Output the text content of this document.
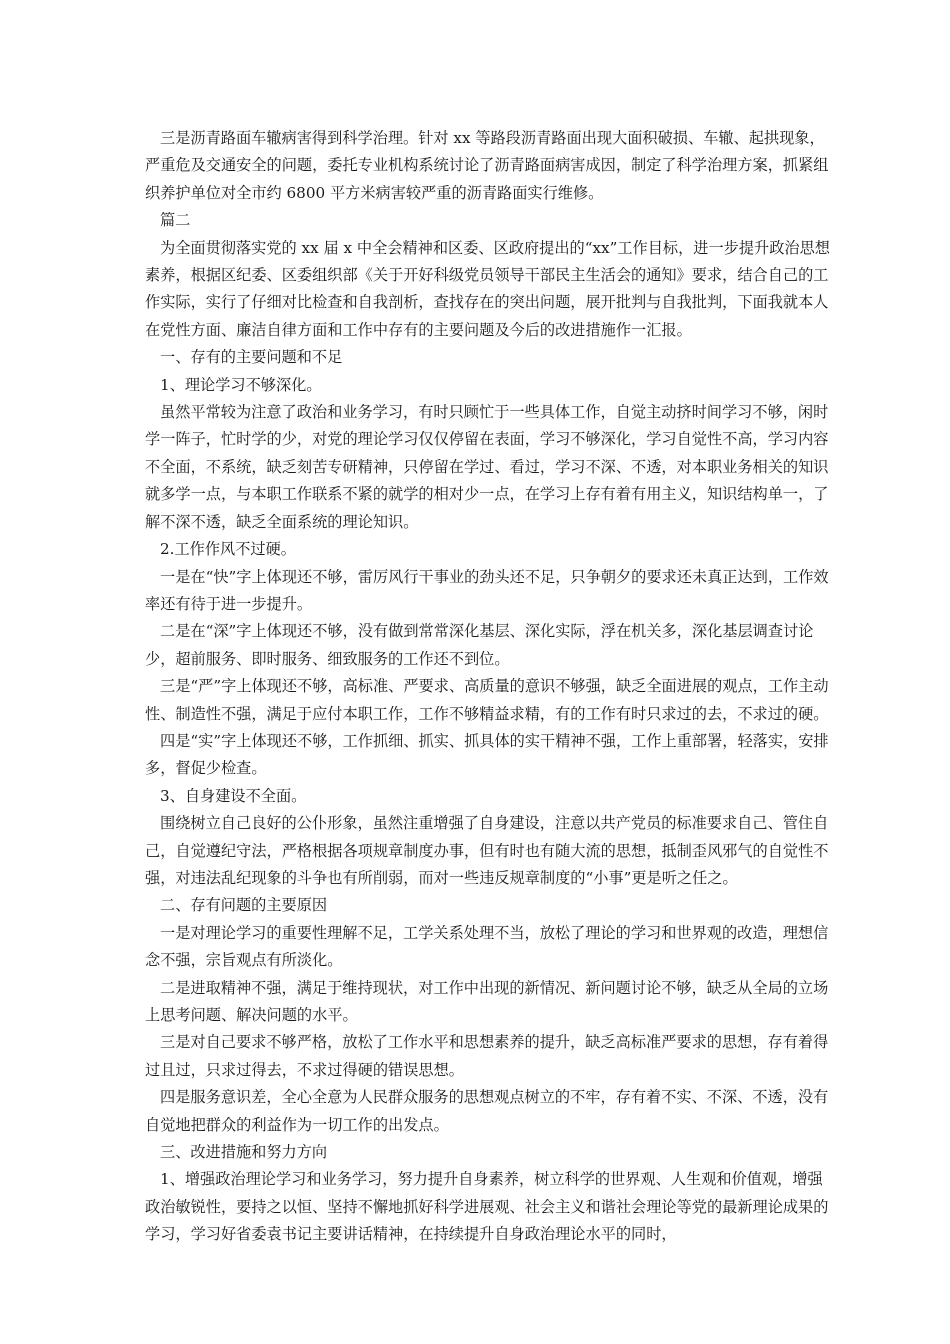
三是沥青路面车辙病害得到科学治理。针对 xx 等路段沥青路面出现大面积破损、车辙、起拱现象，严重危及交通安全的问题，委托专业机构系统讨论了沥青路面病害成因，制定了科学治理方案，抓紧组织养护单位对全市约 6800 平方米病害较严重的沥青路面实行维修。

篇二

为全面贯彻落实党的 xx 届 x 中全会精神和区委、区政府提出的“xx”工作目标，进一步提升政治思想素养，根据区纪委、区委组织部《关于开好科级党员领导干部民主生活会的通知》要求，结合自己的工作实际，实行了仔细对比检查和自我剖析，查找存在的突出问题，展开批判与自我批判，下面我就本人在党性方面、廉洁自律方面和工作中存有的主要问题及今后的改进措施作一汇报。

一、存有的主要问题和不足

1、理论学习不够深化。

虽然平常较为注意了政治和业务学习，有时只顾忙于一些具体工作，自觉主动挤时间学习不够，闲时学一阵子，忙时学的少，对党的理论学习仅仅停留在表面，学习不够深化，学习自觉性不高，学习内容不全面，不系统，缺乏刻苦专研精神，只停留在学过、看过，学习不深、不透，对本职业务相关的知识就多学一点，与本职工作联系不紧的就学的相对少一点，在学习上存有着有用主义，知识结构单一，了解不深不透，缺乏全面系统的理论知识。

2.工作作风不过硬。

一是在“快”字上体现还不够，雷厉风行干事业的劲头还不足，只争朝夕的要求还未真正达到，工作效率还有待于进一步提升。

二是在“深”字上体现还不够，没有做到常常深化基层、深化实际，浮在机关多，深化基层调查讨论少，超前服务、即时服务、细致服务的工作还不到位。

三是“严”字上体现还不够，高标准、严要求、高质量的意识不够强，缺乏全面进展的观点，工作主动性、制造性不强，满足于应付本职工作，工作不够精益求精，有的工作有时只求过的去，不求过的硬。

四是“实”字上体现还不够，工作抓细、抓实、抓具体的实干精神不强，工作上重部署，轻落实，安排多，督促少检查。

3、自身建设不全面。

围绕树立自己良好的公仆形象，虽然注重增强了自身建设，注意以共产党员的标准要求自己、管住自己，自觉遵纪守法，严格根据各项规章制度办事，但有时也有随大流的思想，抵制歪风邪气的自觉性不强，对违法乱纪现象的斗争也有所削弱，而对一些违反规章制度的“小事”更是听之任之。

二、存有问题的主要原因

一是对理论学习的重要性理解不足，工学关系处理不当，放松了理论的学习和世界观的改造，理想信念不强，宗旨观点有所淡化。

二是进取精神不强，满足于维持现状，对工作中出现的新情况、新问题讨论不够，缺乏从全局的立场上思考问题、解决问题的水平。

三是对自己要求不够严格，放松了工作水平和思想素养的提升，缺乏高标准严要求的思想，存有着得过且过，只求过得去，不求过得硬的错误思想。

四是服务意识差，全心全意为人民群众服务的思想观点树立的不牢，存有着不实、不深、不透，没有自觉地把群众的利益作为一切工作的出发点。

三、改进措施和努力方向

1、增强政治理论学习和业务学习，努力提升自身素养，树立科学的世界观、人生观和价值观，增强政治敏锐性，要持之以恒、坚持不懈地抓好科学进展观、社会主义和谐社会理论等党的最新理论成果的学习，学习好省委袁书记主要讲话精神，在持续提升自身政治理论水平的同时，
